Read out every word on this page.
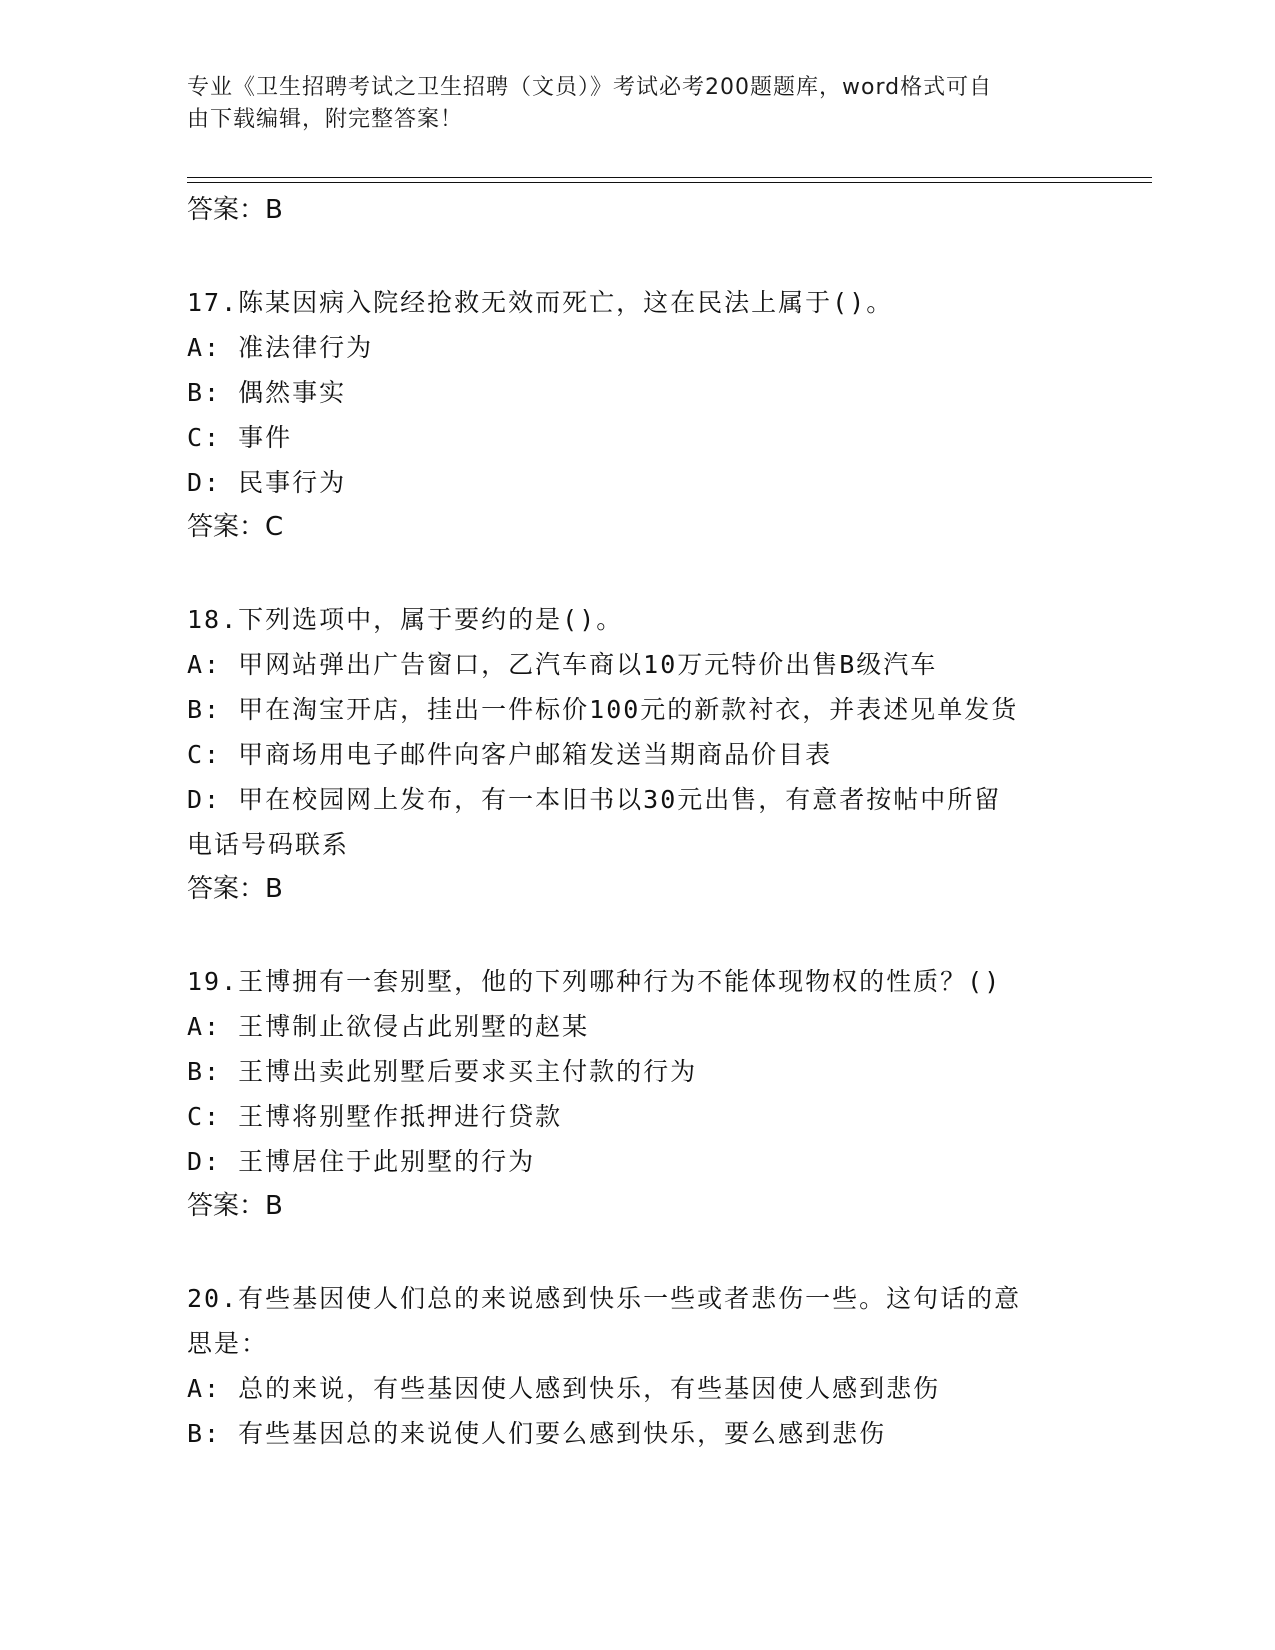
专业《卫生招聘考试之卫生招聘（文员）》考试必考200题题库，word格式可自
由下载编辑，附完整答案！
答案：B
17.陈某因病入院经抢救无效而死亡，这在民法上属于()。
A: 准法律行为
B: 偶然事实
C: 事件
D: 民事行为
答案：C
18.下列选项中，属于要约的是()。
A: 甲网站弹出广告窗口，乙汽车商以10万元特价出售B级汽车
B: 甲在淘宝开店，挂出一件标价100元的新款衬衣，并表述见单发货
C: 甲商场用电子邮件向客户邮箱发送当期商品价目表
D: 甲在校园网上发布，有一本旧书以30元出售，有意者按帖中所留
电话号码联系
答案：B
19.王博拥有一套别墅，他的下列哪种行为不能体现物权的性质？()
A: 王博制止欲侵占此别墅的赵某
B: 王博出卖此别墅后要求买主付款的行为
C: 王博将别墅作抵押进行贷款
D: 王博居住于此别墅的行为
答案：B
20.有些基因使人们总的来说感到快乐一些或者悲伤一些。这句话的意
思是：
A: 总的来说，有些基因使人感到快乐，有些基因使人感到悲伤
B: 有些基因总的来说使人们要么感到快乐，要么感到悲伤
